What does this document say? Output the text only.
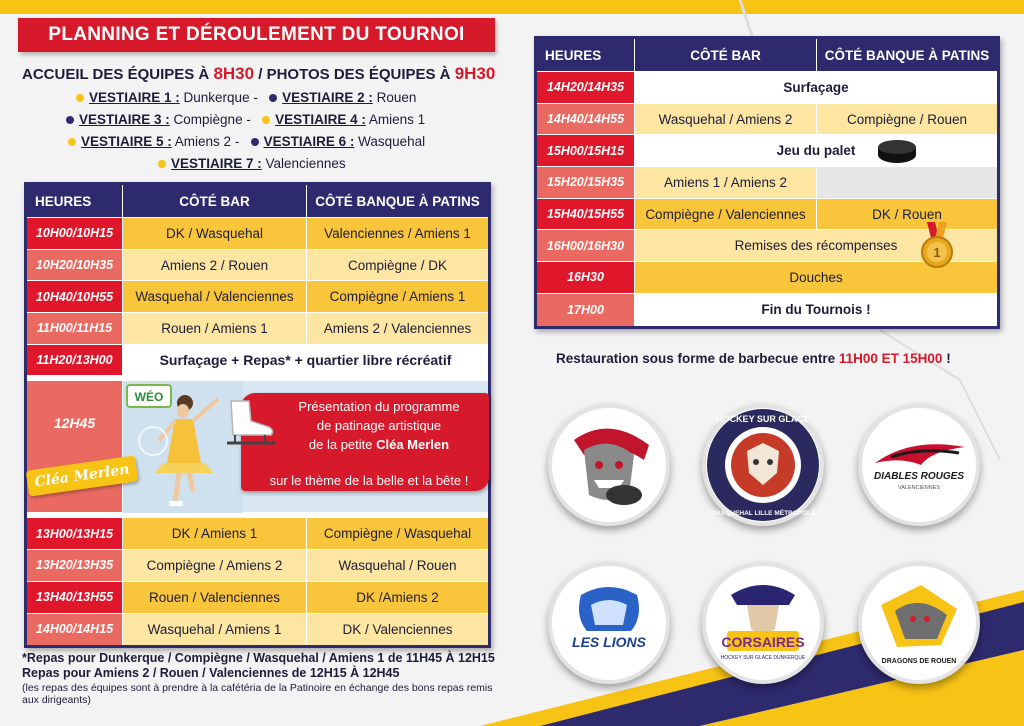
PLANNING ET DÉROULEMENT DU TOURNOI
ACCUEIL DES ÉQUIPES À 8H30 / PHOTOS DES ÉQUIPES À 9H30
VESTIAIRE 1 : Dunkerque - VESTIAIRE 2 : Rouen
VESTIAIRE 3 : Compiègne - VESTIAIRE 4 : Amiens 1
VESTIAIRE 5 : Amiens 2 - VESTIAIRE 6 : Wasquehal
VESTIAIRE 7 : Valenciennes
HEURES	CÔTÉ BAR	CÔTÉ BANQUE À PATINS
10H00/10H15	DK / Wasquehal	Valenciennes / Amiens 1
10H20/10H35	Amiens 2 / Rouen	Compiègne / DK
10H40/10H55	Wasquehal / Valenciennes	Compiègne / Amiens 1
11H00/11H15	Rouen / Amiens 1	Amiens 2 / Valenciennes
11H20/13H00	Surfaçage + Repas* + quartier libre récréatif
12H45
WÉO
Cléa Merlen
Présentation du programme
de patinage artistique
de la petite Cléa Merlen
sur le thème de la belle et la bête !
13H00/13H15	DK / Amiens 1	Compiègne / Wasquehal
13H20/13H35	Compiègne / Amiens 2	Wasquehal / Rouen
13H40/13H55	Rouen / Valenciennes	DK /Amiens 2
14H00/14H15	Wasquehal / Amiens 1	DK / Valenciennes
HEURES	CÔTÉ BAR	CÔTÉ BANQUE À PATINS
14H20/14H35	Surfaçage
14H40/14H55	Wasquehal / Amiens 2	Compiègne / Rouen
15H00/15H15	Jeu du palet
15H20/15H35	Amiens 1 / Amiens 2
15H40/15H55	Compiègne / Valenciennes	DK / Rouen
16H00/16H30	Remises des récompenses	1
16H30	Douches
17H00	Fin du Tournois !
Restauration sous forme de barbecue entre 11H00 ET 15H00 !
HOCKEY SUR GLACE
WASQUEHAL LILLE MÉTROPOLE
DIABLES ROUGES
VALENCIENNES
LES LIONS	CORSAIRES
HOCKEY SUR GLACE DUNKERQUE	DRAGONS DE ROUEN
*Repas pour Dunkerque / Compiègne / Wasquehal / Amiens 1 de 11H45 À 12H15
Repas pour Amiens 2 / Rouen / Valenciennes de 12H15 À 12H45
(les repas des équipes sont à prendre à la cafétéria de la Patinoire en échange des bons repas remis aux dirigeants)
